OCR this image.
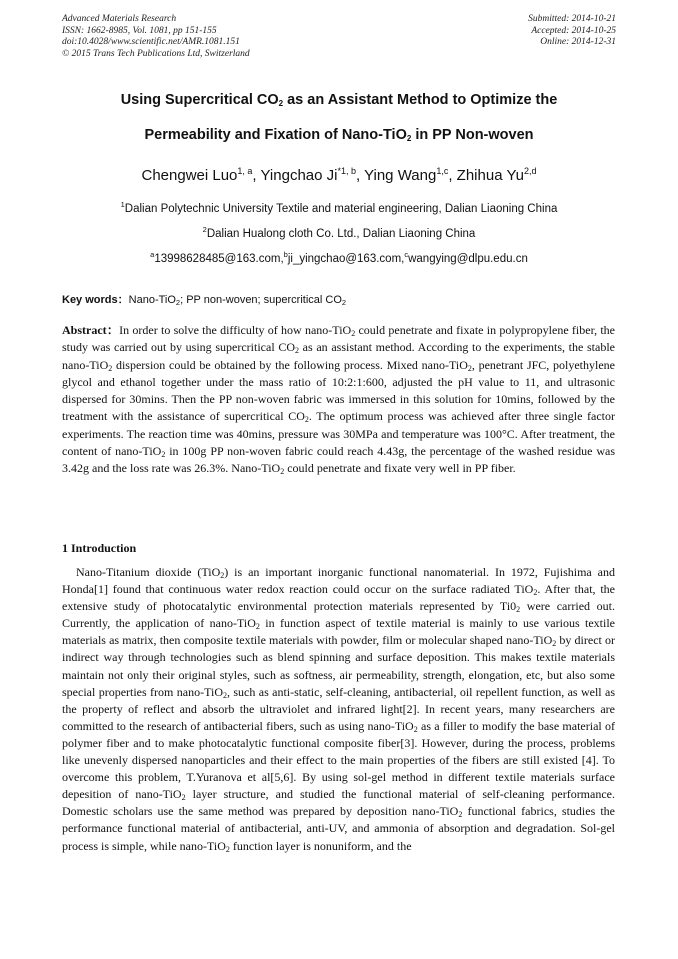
Advanced Materials Research
ISSN: 1662-8985, Vol. 1081, pp 151-155
doi:10.4028/www.scientific.net/AMR.1081.151
© 2015 Trans Tech Publications Ltd, Switzerland
Submitted: 2014-10-21
Accepted: 2014-10-25
Online: 2014-12-31
Using Supercritical $CO_2$ as an Assistant Method to Optimize the
Permeability and Fixation of Nano-TiO$_2$ in PP Non-woven
Chengwei Luo$^{1, a}$, Yingchao Ji$^{*1, b}$, Ying Wang$^{1,c}$, Zhihua Yu$^{2,d}$
$^1$Dalian Polytechnic University Textile and material engineering, Dalian Liaoning China
$^2$Dalian Hualong cloth Co. Ltd., Dalian Liaoning China
$^a$13998628485@163.com,$^b$ji_yingchao@163.com,$^c$wangying@dlpu.edu.cn
Key words：Nano-TiO$_2$; PP non-woven; supercritical $CO_2$
Abstract：In order to solve the difficulty of how nano-TiO$_2$ could penetrate and fixate in polypropylene fiber, the study was carried out by using supercritical $CO_2$ as an assistant method. According to the experiments, the stable nano-TiO$_2$ dispersion could be obtained by the following process. Mixed nano-TiO$_2$, penetrant JFC, polyethylene glycol and ethanol together under the mass ratio of 10:2:1:600, adjusted the pH value to 11, and ultrasonic dispersed for 30mins. Then the PP non-woven fabric was immersed in this solution for 10mins, followed by the treatment with the assistance of supercritical $CO_2$. The optimum process was achieved after three single factor experiments. The reaction time was 40mins, pressure was 30MPa and temperature was 100°C. After treatment, the content of nano-TiO$_2$ in 100g PP non-woven fabric could reach 4.43g, the percentage of the washed residue was 3.42g and the loss rate was 26.3%. Nano-TiO$_2$ could penetrate and fixate very well in PP fiber.
1 Introduction
Nano-Titanium dioxide (TiO$_2$) is an important inorganic functional nanomaterial. In 1972, Fujishima and Honda[1] found that continuous water redox reaction could occur on the surface radiated TiO$_2$. After that, the extensive study of photocatalytic environmental protection materials represented by $Ti0_2$ were carried out. Currently, the application of nano-TiO$_2$ in function aspect of textile material is mainly to use various textile materials as matrix, then composite textile materials with powder, film or molecular shaped nano-TiO$_2$ by direct or indirect way through technologies such as blend spinning and surface deposition. This makes textile materials maintain not only their original styles, such as softness, air permeability, strength, elongation, etc, but also some special properties from nano-TiO$_2$, such as anti-static, self-cleaning, antibacterial, oil repellent function, as well as the property of reflect and absorb the ultraviolet and infrared light[2]. In recent years, many researchers are committed to the research of antibacterial fibers, such as using nano-TiO$_2$ as a filler to modify the base material of polymer fiber and to make photocatalytic functional composite fiber[3]. However, during the process, problems like unevenly dispersed nanoparticles and their effect to the main properties of the fibers are still existed [4]. To overcome this problem, T.Yuranova et al[5,6]. By using sol-gel method in different textile materials surface depesition of nano-TiO$_2$ layer structure, and studied the functional material of self-cleaning performance. Domestic scholars use the same method was prepared by deposition nano-TiO$_2$ functional fabrics, studies the performance functional material of antibacterial, anti-UV, and ammonia of absorption and degradation. Sol-gel process is simple, while nano-TiO$_2$ function layer is nonuniform, and the
